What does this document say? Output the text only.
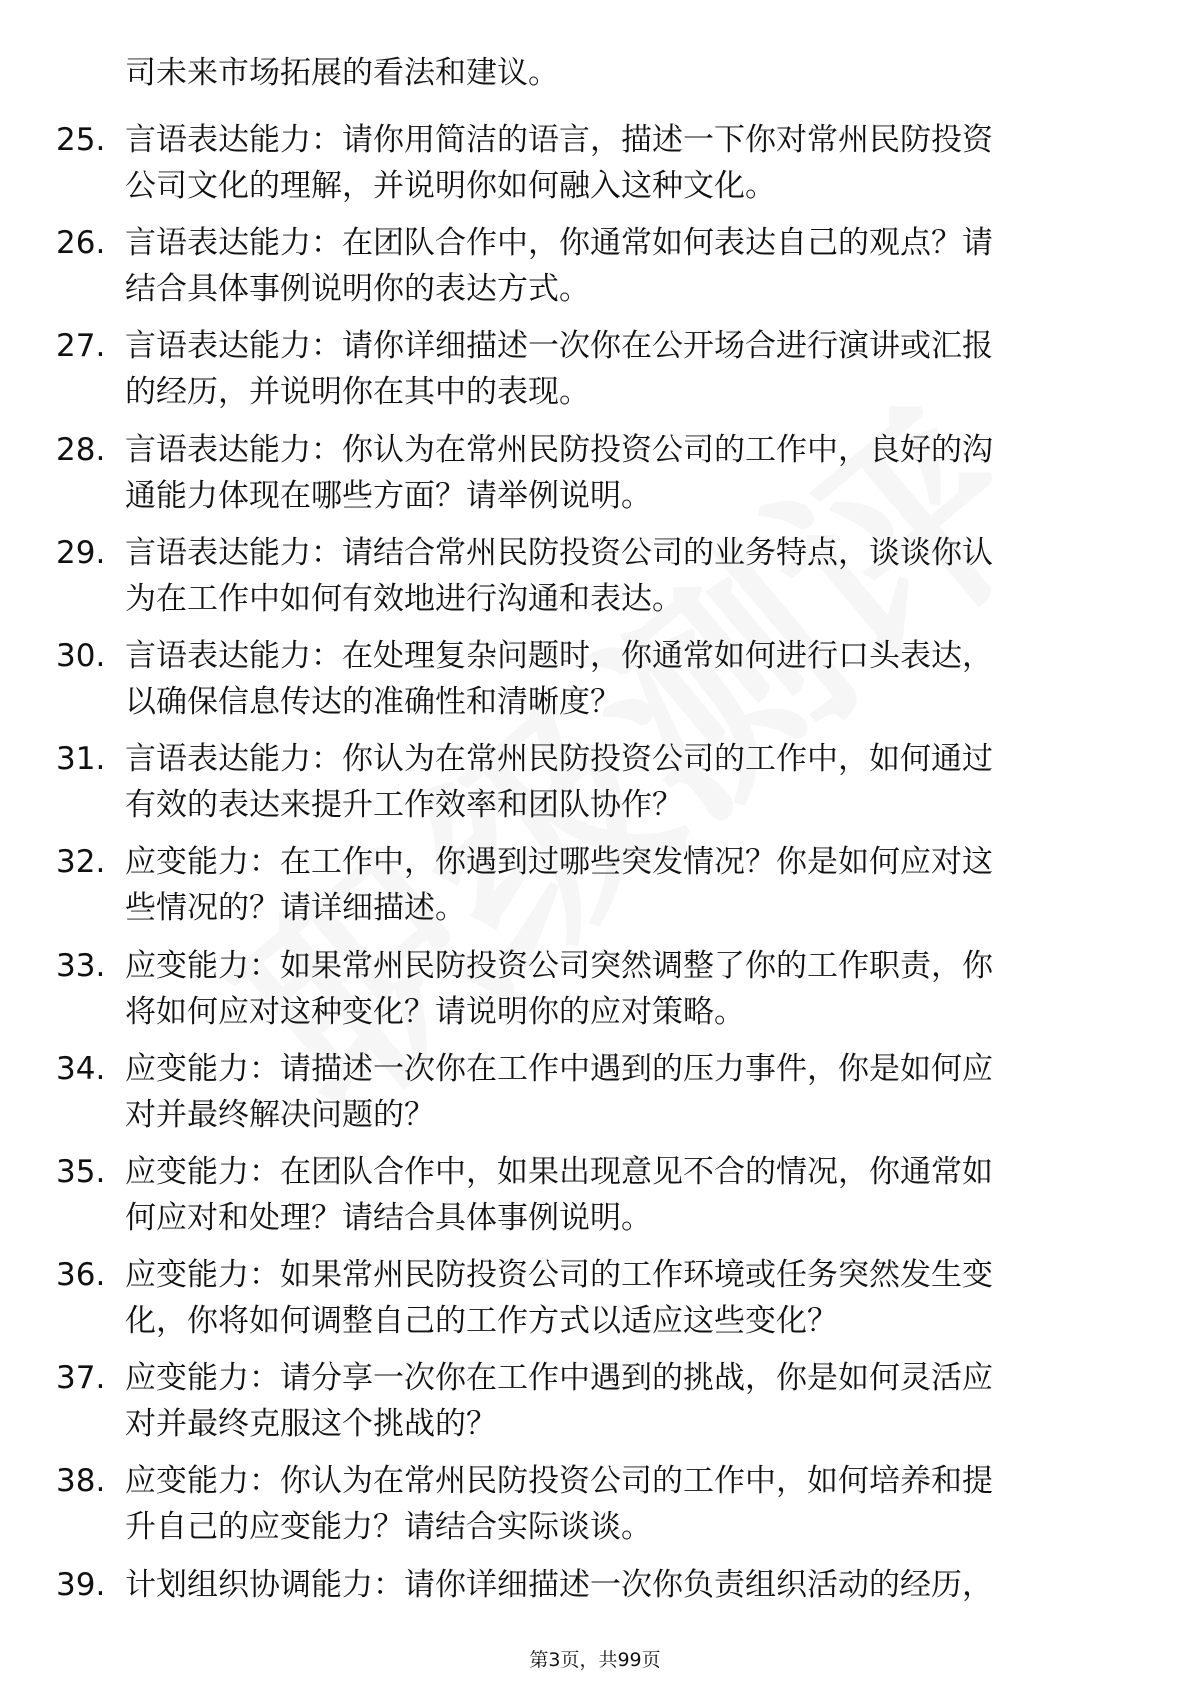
司未来市场拓展的看法和建议。
25. 言语表达能力：请你用简洁的语言，描述一下你对常州民防投资
公司文化的理解，并说明你如何融入这种文化。
26. 言语表达能力：在团队合作中，你通常如何表达自己的观点？请
结合具体事例说明你的表达方式。
27. 言语表达能力：请你详细描述一次你在公开场合进行演讲或汇报
的经历，并说明你在其中的表现。
28. 言语表达能力：你认为在常州民防投资公司的工作中，良好的沟
通能力体现在哪些方面？请举例说明。
29. 言语表达能力：请结合常州民防投资公司的业务特点，谈谈你认
为在工作中如何有效地进行沟通和表达。
30. 言语表达能力：在处理复杂问题时，你通常如何进行口头表达，
以确保信息传达的准确性和清晰度？
31. 言语表达能力：你认为在常州民防投资公司的工作中，如何通过
有效的表达来提升工作效率和团队协作？
32. 应变能力：在工作中，你遇到过哪些突发情况？你是如何应对这
些情况的？请详细描述。
33. 应变能力：如果常州民防投资公司突然调整了你的工作职责，你
将如何应对这种变化？请说明你的应对策略。
34. 应变能力：请描述一次你在工作中遇到的压力事件，你是如何应
对并最终解决问题的？
35. 应变能力：在团队合作中，如果出现意见不合的情况，你通常如
何应对和处理？请结合具体事例说明。
36. 应变能力：如果常州民防投资公司的工作环境或任务突然发生变
化，你将如何调整自己的工作方式以适应这些变化？
37. 应变能力：请分享一次你在工作中遇到的挑战，你是如何灵活应
对并最终克服这个挑战的？
38. 应变能力：你认为在常州民防投资公司的工作中，如何培养和提
升自己的应变能力？请结合实际谈谈。
39. 计划组织协调能力：请你详细描述一次你负责组织活动的经历，
第3页，共99页
